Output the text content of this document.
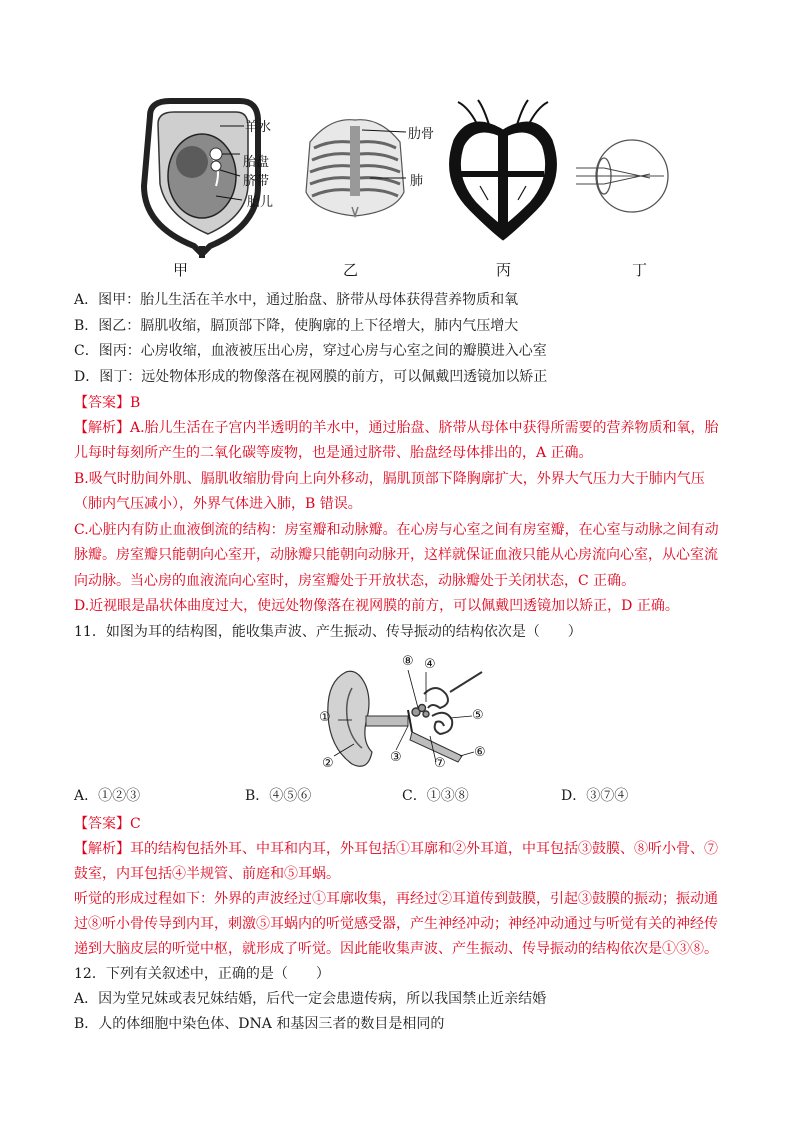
羊水
胎盘
脐带
胎儿
甲
肋骨
肺
乙	丙	丁
A．图甲：胎儿生活在羊水中，通过胎盘、脐带从母体获得营养物质和氧
B．图乙：膈肌收缩，膈顶部下降，使胸廓的上下径增大，肺内气压增大
C．图丙：心房收缩，血液被压出心房，穿过心房与心室之间的瓣膜进入心室
D．图丁：远处物体形成的物像落在视网膜的前方，可以佩戴凹透镜加以矫正
【答案】B
【解析】A.胎儿生活在子宫内半透明的羊水中，通过胎盘、脐带从母体中获得所需要的营养物质和氧，胎
儿每时每刻所产生的二氧化碳等废物，也是通过脐带、胎盘经母体排出的，A 正确。
B.吸气时肋间外肌、膈肌收缩肋骨向上向外移动，膈肌顶部下降胸廓扩大，外界大气压力大于肺内气压
（肺内气压减小），外界气体进入肺，B 错误。
C.心脏内有防止血液倒流的结构：房室瓣和动脉瓣。在心房与心室之间有房室瓣，在心室与动脉之间有动
脉瓣。房室瓣只能朝向心室开，动脉瓣只能朝向动脉开，这样就保证血液只能从心房流向心室，从心室流
向动脉。当心房的血液流向心室时，房室瓣处于开放状态，动脉瓣处于关闭状态，C 正确。
D.近视眼是晶状体曲度过大，使远处物像落在视网膜的前方，可以佩戴凹透镜加以矫正，D 正确。
11．如图为耳的结构图，能收集声波、产生振动、传导振动的结构依次是（　　）
①
②	③
④
⑤
⑥
⑦
⑧
A．①②③	B．④⑤⑥	C．①③⑧	D．③⑦④
【答案】C
【解析】耳的结构包括外耳、中耳和内耳，外耳包括①耳廓和②外耳道，中耳包括③鼓膜、⑧听小骨、⑦
鼓室，内耳包括④半规管、前庭和⑤耳蜗。
听觉的形成过程如下：外界的声波经过①耳廓收集，再经过②耳道传到鼓膜，引起③鼓膜的振动；振动通
过⑧听小骨传导到内耳，刺激⑤耳蜗内的听觉感受器，产生神经冲动；神经冲动通过与听觉有关的神经传
递到大脑皮层的听觉中枢，就形成了听觉。因此能收集声波、产生振动、传导振动的结构依次是①③⑧。
12．下列有关叙述中，正确的是（　　）
A．因为堂兄妹或表兄妹结婚，后代一定会患遗传病，所以我国禁止近亲结婚
B．人的体细胞中染色体、DNA 和基因三者的数目是相同的
